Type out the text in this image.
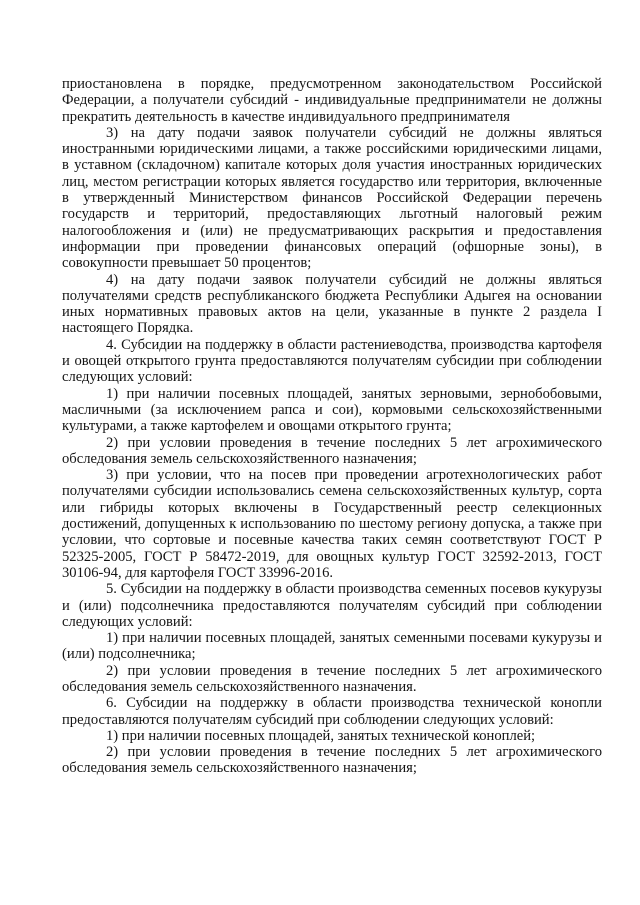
приостановлена в порядке, предусмотренном законодательством Российской Федерации, а получатели субсидий - индивидуальные предприниматели не должны прекратить деятельность в качестве индивидуального предпринимателя

3) на дату подачи заявок получатели субсидий не должны являться иностранными юридическими лицами, а также российскими юридическими лицами, в уставном (складочном) капитале которых доля участия иностранных юридических лиц, местом регистрации которых является государство или территория, включенные в утвержденный Министерством финансов Российской Федерации перечень государств и территорий, предоставляющих льготный налоговый режим налогообложения и (или) не предусматривающих раскрытия и предоставления информации при проведении финансовых операций (офшорные зоны), в совокупности превышает 50 процентов;

4) на дату подачи заявок получатели субсидий не должны являться получателями средств республиканского бюджета Республики Адыгея на основании иных нормативных правовых актов на цели, указанные в пункте 2 раздела I настоящего Порядка.

4. Субсидии на поддержку в области растениеводства, производства картофеля и овощей открытого грунта предоставляются получателям субсидии при соблюдении следующих условий:

1) при наличии посевных площадей, занятых зерновыми, зернобобовыми, масличными (за исключением рапса и сои), кормовыми сельскохозяйственными культурами, а также картофелем и овощами открытого грунта;

2) при условии проведения в течение последних 5 лет агрохимического обследования земель сельскохозяйственного назначения;

3) при условии, что на посев при проведении агротехнологических работ получателями субсидии использовались семена сельскохозяйственных культур, сорта или гибриды которых включены в Государственный реестр селекционных достижений, допущенных к использованию по шестому региону допуска, а также при условии, что сортовые и посевные качества таких семян соответствуют ГОСТ Р 52325-2005, ГОСТ Р 58472-2019, для овощных культур ГОСТ 32592-2013, ГОСТ 30106-94, для картофеля ГОСТ 33996-2016.

5. Субсидии на поддержку в области производства семенных посевов кукурузы и (или) подсолнечника предоставляются получателям субсидий при соблюдении следующих условий:

1) при наличии посевных площадей, занятых семенными посевами кукурузы и (или) подсолнечника;

2) при условии проведения в течение последних 5 лет агрохимического обследования земель сельскохозяйственного назначения.

6. Субсидии на поддержку в области производства технической конопли предоставляются получателям субсидий при соблюдении следующих условий:

1) при наличии посевных площадей, занятых технической коноплей;

2) при условии проведения в течение последних 5 лет агрохимического обследования земель сельскохозяйственного назначения;
